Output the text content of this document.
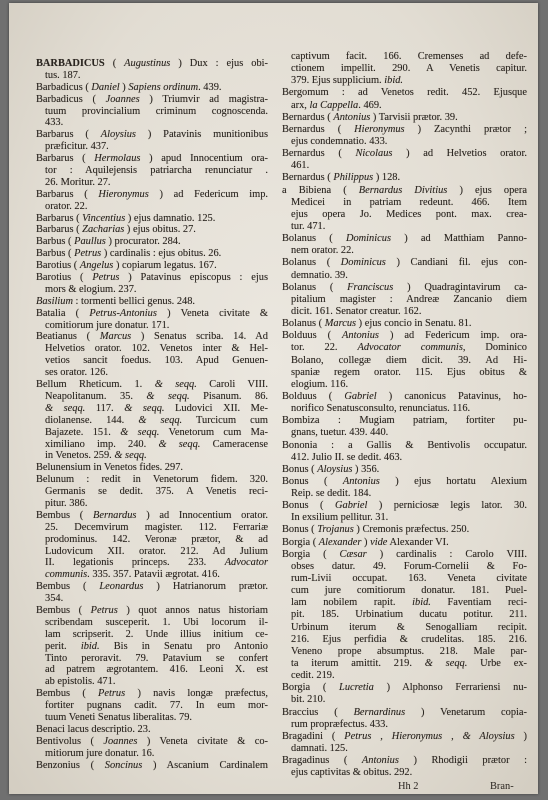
BARBADICUS ( Augustinus ) Dux : ejus obi-
tus. 187.
Barbadicus ( Daniel ) Sapiens ordinum. 439.
Barbadicus ( Joannes ) Triumvir ad magistra-
tuum provincialium criminum cognoscenda.
433.
Barbarus ( Aloysius ) Patavinis munitionibus
præficitur. 437.
Barbarus ( Hermolaus ) apud Innocentium ora-
tor : Aquilejensis patriarcha renunciatur .
26. Moritur. 27.
Barbarus ( Hieronymus ) ad Federicum imp.
orator. 22.
Barbarus ( Vincentius ) ejus damnatio. 125.
Barbarus ( Zacharias ) ejus obitus. 27.
Barbus ( Paullus ) procurator. 284.
Barbus ( Petrus ) cardinalis : ejus obitus. 26.
Barotius ( Angelus ) copiarum legatus. 167.
Barotius ( Petrus ) Patavinus episcopus : ejus
mors & elogium. 237.
Basilium : tormenti bellici genus. 248.
Batalia ( Petrus-Antonius ) Veneta civitate &
comitiorum jure donatur. 171.
Beatianus ( Marcus ) Senatus scriba. 14. Ad
Helvetios orator. 102. Venetos inter & Hel-
vetios sancit foedus. 103. Apud Genuen-
ses orator. 126.
Bellum Rheticum. 1. & seqq. Caroli VIII.
Neapolitanum. 35. & seqq. Pisanum. 86.
& seqq. 117. & seqq. Ludovici XII. Me-
diolanense. 144. & seqq. Turcicum cum
Bajazete. 151. & seqq. Venetorum cum Ma-
ximiliano imp. 240. & seqq. Cameracense
in Venetos. 259. & seqq.
Belunensium in Venetos fides. 297.
Belunum : redit in Venetorum fidem. 320.
Germanis se dedit. 375. A Venetis reci-
pitur. 386.
Bembus ( Bernardus ) ad Innocentium orator.
25. Decemvirum magister. 112. Ferrariæ
prodominus. 142. Veronæ prætor, & ad
Ludovicum XII. orator. 212. Ad Julium
II. legationis princeps. 233. Advocator
communis. 335. 357. Patavii ægrotat. 416.
Bembus ( Leonardus ) Hatrianorum prætor.
354.
Bembus ( Petrus ) quot annos natus historiam
scribendam susceperit. 1. Ubi locorum il-
lam scripserit. 2. Unde illius initium ce-
perit. ibid. Bis in Senatu pro Antonio
Tinto peroravit. 79. Patavium se confert
ad patrem ægrotantem. 416. Leoni X. est
ab epistolis. 471.
Bembus ( Petrus ) navis longæ præfectus,
fortiter pugnans cadit. 77. In eum mor-
tuum Veneti Senatus liberalitas. 79.
Benaci lacus descriptio. 23.
Bentivolus ( Joannes ) Veneta civitate & co-
mitiorum jure donatur. 16.
Benzonius ( Soncinus ) Ascanium Cardinalem
captivum facit. 166. Cremenses ad defe-
ctionem impellit. 290. A Venetis capitur.
379. Ejus supplicium. ibid.
Bergomum : ad Venetos redit. 452. Ejusque
arx, la Cappella. 469.
Bernardus ( Antonius ) Tarvisii prætor. 39.
Bernardus ( Hieronymus ) Zacynthi prætor ;
ejus condemnatio. 433.
Bernardus ( Nicolaus ) ad Helvetios orator.
461.
Bernardus ( Philippus ) 128.
a Bibiena ( Bernardus Divitius ) ejus opera
Medicei in patriam redeunt. 466. Item
ejus opera Jo. Medices pont. max. crea-
tur. 471.
Bolanus ( Dominicus ) ad Matthiam Panno-
nem orator. 22.
Bolanus ( Dominicus ) Candiani fil. ejus con-
demnatio. 39.
Bolanus ( Franciscus ) Quadragintavirum ca-
pitalium magister : Andreæ Zancanio diem
dicit. 161. Senator creatur. 162.
Bolanus ( Marcus ) ejus concio in Senatu. 81.
Bolduus ( Antonius ) ad Federicum imp. ora-
tor. 22. Advocator communis, Dominico
Bolano, collegæ diem dicit. 39. Ad Hi-
spaniæ regem orator. 115. Ejus obitus &
elogium. 116.
Bolduus ( Gabriel ) canonicus Patavinus, ho-
norifico Senatusconsulto, renunciatus. 116.
Bombiza : Mugiam patriam, fortiter pu-
gnans, tuetur. 439. 440.
Bononia : a Gallis & Bentivolis occupatur.
412. Julio II. se dedit. 463.
Bonus ( Aloysius ) 356.
Bonus ( Antonius ) ejus hortatu Alexium
Reip. se dedit. 184.
Bonus ( Gabriel ) perniciosæ legis lator. 30.
In exsilium pellitur. 31.
Bonus ( Trojanus ) Cremonis præfectus. 250.
Borgia ( Alexander ) vide Alexander VI.
Borgia ( Cæsar ) cardinalis : Carolo VIII.
obses datur. 49. Forum-Cornelii & Fo-
rum-Livii occupat. 163. Veneta civitate
cum jure comitiorum donatur. 181. Puel-
lam nobilem rapit. ibid. Faventiam reci-
pit. 185. Urbinatium ducatu potitur. 211.
Urbinum iterum & Senogalliam recipit.
216. Ejus perfidia & crudelitas. 185. 216.
Veneno prope absumptus. 218. Male par-
ta iterum amittit. 219. & seqq. Urbe ex-
cedit. 219.
Borgia ( Lucretia ) Alphonso Ferrariensi nu-
bit. 210.
Braccius ( Bernardinus ) Venetarum copia-
rum propræfectus. 433.
Bragadini ( Petrus , Hieronymus , & Aloysius )
damnati. 125.
Bragadinus ( Antonius ) Rhodigii prætor :
ejus captivitas & obitus. 292.
Hh 2	Bran-
